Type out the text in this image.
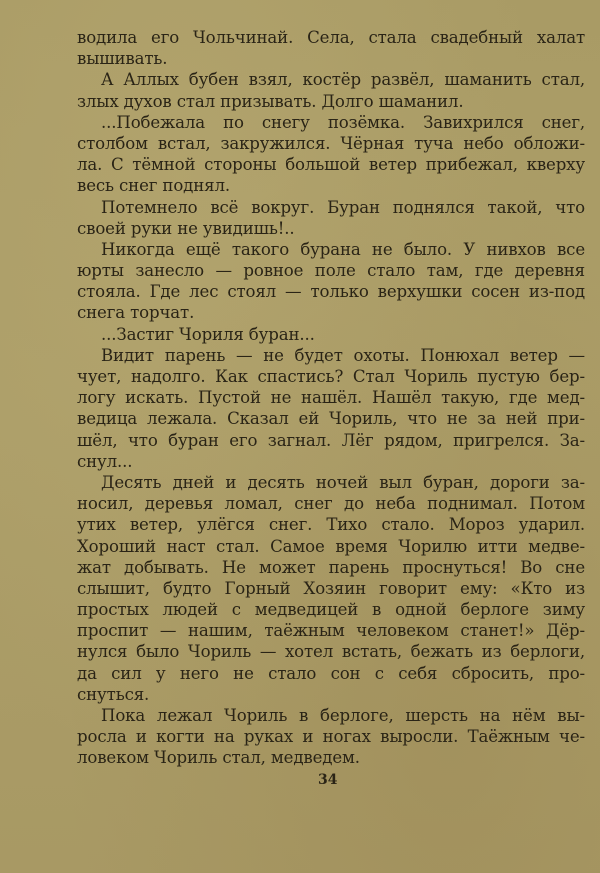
водила его Чольчинай. Села, стала свадебный халат
вышивать.
А Аллых бубен взял, костёр развёл, шаманить стал,
злых духов стал призывать. Долго шаманил.
...Побежала по снегу позёмка. Завихрился снег,
столбом встал, закружился. Чёрная туча небо обложи-
ла. С тёмной стороны большой ветер прибежал, кверху
весь снег поднял.
Потемнело всё вокруг. Буран поднялся такой, что
своей руки не увидишь!..
Никогда ещё такого бурана не было. У нивхов все
юрты занесло — ровное поле стало там, где деревня
стояла. Где лес стоял — только верхушки сосен из-под
снега торчат.
...Застиг Чориля буран...
Видит парень — не будет охоты. Понюхал ветер —
чует, надолго. Как спастись? Стал Чориль пустую бер-
логу искать. Пустой не нашёл. Нашёл такую, где мед-
ведица лежала. Сказал ей Чориль, что не за ней при-
шёл, что буран его загнал. Лёг рядом, пригрелся. За-
снул...
Десять дней и десять ночей выл буран, дороги за-
носил, деревья ломал, снег до неба поднимал. Потом
утих ветер, улёгся снег. Тихо стало. Мороз ударил.
Хороший наст стал. Самое время Чорилю итти медве-
жат добывать. Не может парень проснуться! Во сне
слышит, будто Горный Хозяин говорит ему: «Кто из
простых людей с медведицей в одной берлоге зиму
проспит — нашим, таёжным человеком станет!» Дёр-
нулся было Чориль — хотел встать, бежать из берлоги,
да сил у него не стало сон с себя сбросить, про-
снуться.
Пока лежал Чориль в берлоге, шерсть на нём вы-
росла и когти на руках и ногах выросли. Таёжным че-
ловеком Чориль стал, медведем.
34
